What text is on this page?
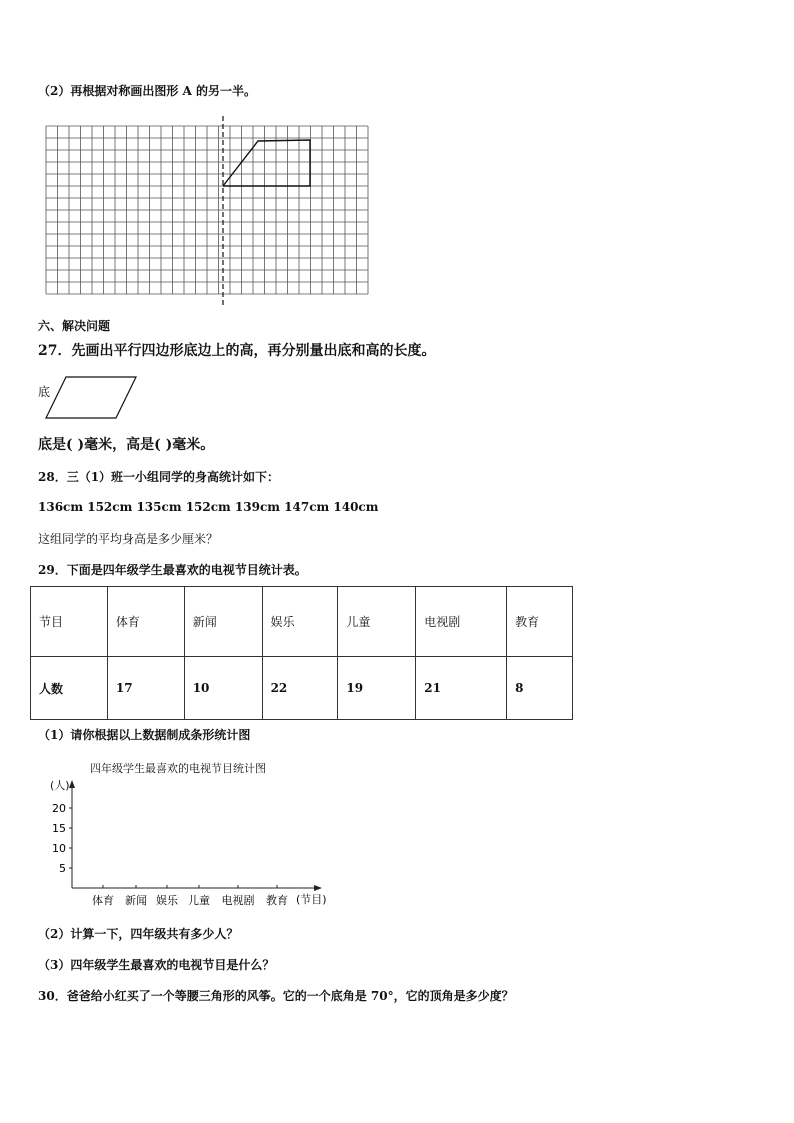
（2）再根据对称画出图形 A 的另一半。
六、解决问题
27．先画出平行四边形底边上的高，再分别量出底和高的长度。
底
底是( )毫米，高是( )毫米。
28．三（1）班一小组同学的身高统计如下：
136cm 152cm 135cm 152cm 139cm 147cm 140cm
这组同学的平均身高是多少厘米？
29．下面是四年级学生最喜欢的电视节目统计表。
节目	体育	新闻	娱乐	儿童	电视剧	教育
人数	17	10	22	19	21	8
（1）请你根据以上数据制成条形统计图
四年级学生最喜欢的电视节目统计图
(人)
(节目)
20
15
10
5
体育 新闻 娱乐 儿童 电视剧 教育
（2）计算一下，四年级共有多少人？
（3）四年级学生最喜欢的电视节目是什么？
30．爸爸给小红买了一个等腰三角形的风筝。它的一个底角是 70°，它的顶角是多少度？
